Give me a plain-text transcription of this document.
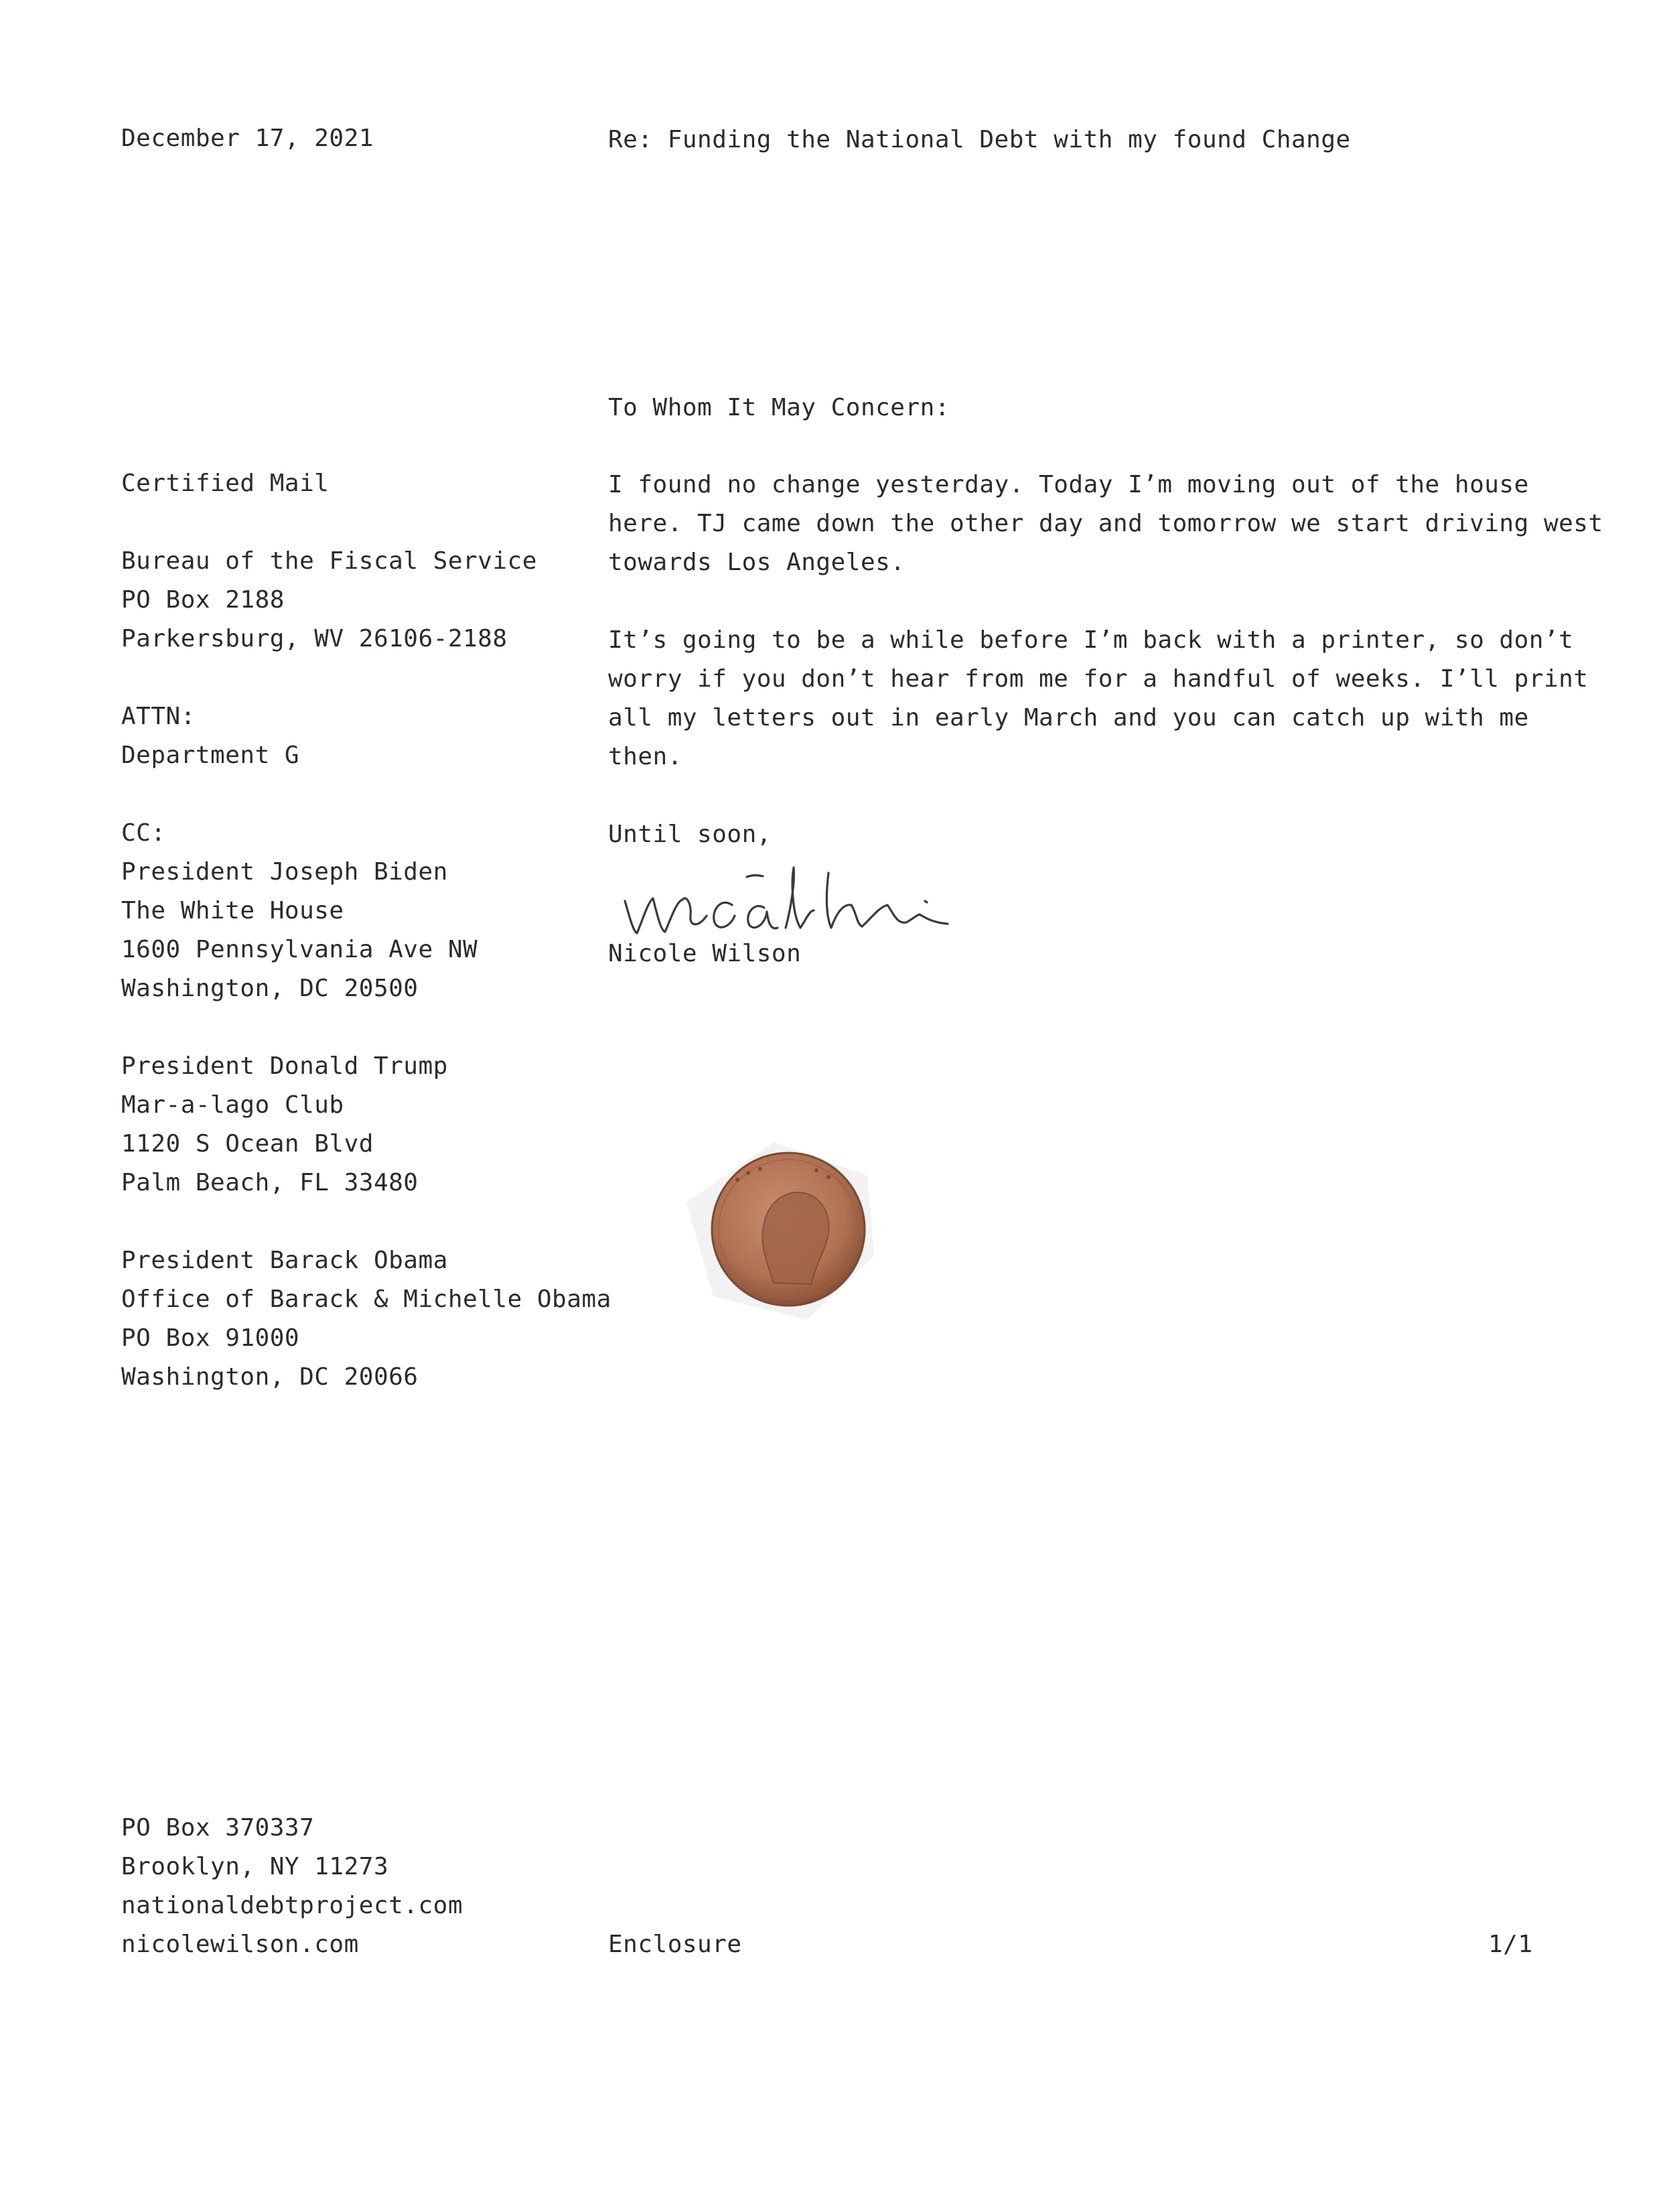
December 17, 2021	Re: Funding the National Debt with my found Change
To Whom It May Concern:
Certified Mail
Bureau of the Fiscal Service
PO Box 2188
Parkersburg, WV 26106-2188
ATTN:
Department G
CC:
President Joseph Biden
The White House
1600 Pennsylvania Ave NW
Washington, DC 20500
President Donald Trump
Mar-a-lago Club
1120 S Ocean Blvd
Palm Beach, FL 33480
President Barack Obama
Office of Barack & Michelle Obama
PO Box 91000
Washington, DC 20066
I found no change yesterday. Today I’m moving out of the house
here. TJ came down the other day and tomorrow we start driving west
towards Los Angeles.
It’s going to be a while before I’m back with a printer, so don’t
worry if you don’t hear from me for a handful of weeks. I’ll print
all my letters out in early March and you can catch up with me
then.
Until soon,
Nicole Wilson
PO Box 370337
Brooklyn, NY 11273
nationaldebtproject.com
nicolewilson.com	Enclosure	1/1
